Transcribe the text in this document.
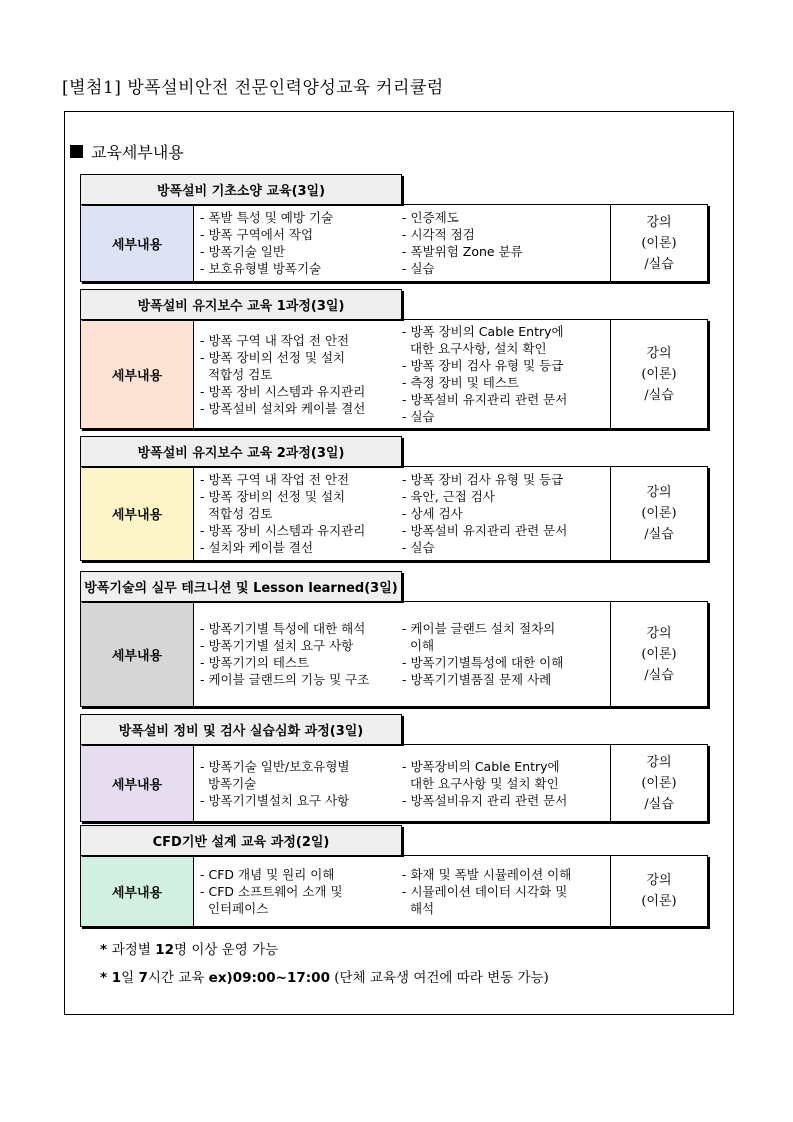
[별첨1] 방폭설비안전 전문인력양성교육 커리큘럼
교육세부내용
방폭설비 기초소양 교육(3일)
세부내용
- 폭발 특성 및 예방 기술
- 방폭 구역에서 작업
- 방폭기술 일반
- 보호유형별 방폭기술
- 인증제도
- 시각적 점검
- 폭발위험 Zone 분류
- 실습
강의
(이론)
/실습
방폭설비 유지보수 교육 1과정(3일)
세부내용
- 방폭 구역 내 작업 전 안전
- 방폭 장비의 선정 및 설치
적합성 검토
- 방폭 장비 시스템과 유지관리
- 방폭설비 설치와 케이블 결선
- 방폭 장비의 Cable Entry에
대한 요구사항, 설치 확인
- 방폭 장비 검사 유형 및 등급
- 측정 장비 및 테스트
- 방폭설비 유지관리 관련 문서
- 실습
강의
(이론)
/실습
방폭설비 유지보수 교육 2과정(3일)
세부내용
- 방폭 구역 내 작업 전 안전
- 방폭 장비의 선정 및 설치
적합성 검토
- 방폭 장비 시스템과 유지관리
- 설치와 케이블 결선
- 방폭 장비 검사 유형 및 등급
- 육안, 근접 검사
- 상세 검사
- 방폭설비 유지관리 관련 문서
- 실습
강의
(이론)
/실습
방폭기술의 실무 테크니션 및 Lesson learned(3일)
세부내용
- 방폭기기별 특성에 대한 해석
- 방폭기기별 설치 요구 사항
- 방폭기기의 테스트
- 케이블 글랜드의 기능 및 구조
- 케이블 글랜드 설치 절차의
이해
- 방폭기기별특성에 대한 이해
- 방폭기기별품질 문제 사례
강의
(이론)
/실습
방폭설비 정비 및 검사 실습심화 과정(3일)
세부내용
- 방폭기술 일반/보호유형별
방폭기술
- 방폭기기별설치 요구 사항
- 방폭장비의 Cable Entry에
대한 요구사항 및 설치 확인
- 방폭설비유지 관리 관련 문서
강의
(이론)
/실습
CFD기반 설계 교육 과정(2일)
세부내용
- CFD 개념 및 원리 이해
- CFD 소프트웨어 소개 및
인터페이스
- 화재 및 폭발 시뮬레이션 이해
- 시뮬레이션 데이터 시각화 및
해석
강의
(이론)
* 과정별 12명 이상 운영 가능
* 1일 7시간 교육 ex)09:00~17:00 (단체 교육생 여건에 따라 변동 가능)
